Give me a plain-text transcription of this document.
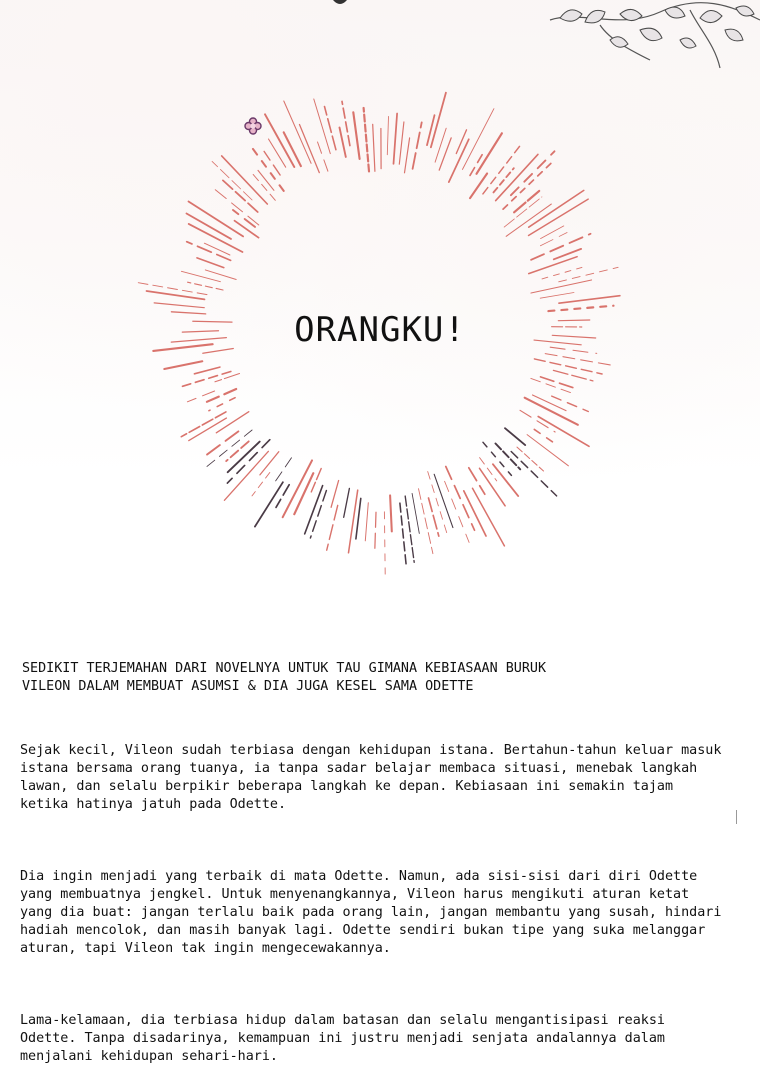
ORANGKU!

SEDIKIT TERJEMAHAN DARI NOVELNYA UNTUK TAU GIMANA KEBIASAAN BURUK
VILEON DALAM MEMBUAT ASUMSI & DIA JUGA KESEL SAMA ODETTE

Sejak kecil, Vileon sudah terbiasa dengan kehidupan istana. Bertahun-tahun keluar masuk
istana bersama orang tuanya, ia tanpa sadar belajar membaca situasi, menebak langkah
lawan, dan selalu berpikir beberapa langkah ke depan. Kebiasaan ini semakin tajam
ketika hatinya jatuh pada Odette.

Dia ingin menjadi yang terbaik di mata Odette. Namun, ada sisi-sisi dari diri Odette
yang membuatnya jengkel. Untuk menyenangkannya, Vileon harus mengikuti aturan ketat
yang dia buat: jangan terlalu baik pada orang lain, jangan membantu yang susah, hindari
hadiah mencolok, dan masih banyak lagi. Odette sendiri bukan tipe yang suka melanggar
aturan, tapi Vileon tak ingin mengecewakannya.

Lama-kelamaan, dia terbiasa hidup dalam batasan dan selalu mengantisipasi reaksi
Odette. Tanpa disadarinya, kemampuan ini justru menjadi senjata andalannya dalam
menjalani kehidupan sehari-hari.
